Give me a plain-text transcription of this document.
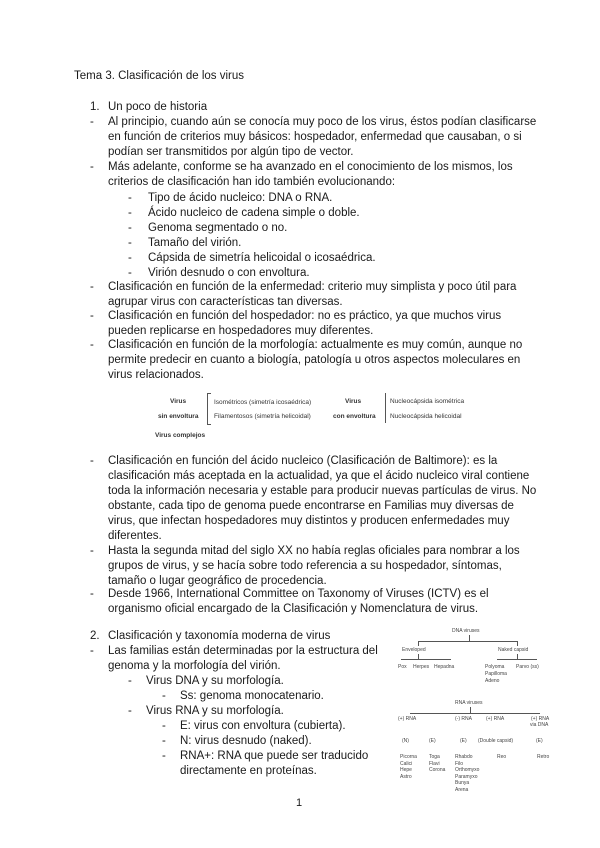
Tema 3. Clasificación de los virus
1. Un poco de historia
- Al principio, cuando aún se conocía muy poco de los virus, éstos podían clasificarse
en función de criterios muy básicos: hospedador, enfermedad que causaban, o si
podían ser transmitidos por algún tipo de vector.
- Más adelante, conforme se ha avanzado en el conocimiento de los mismos, los
criterios de clasificación han ido también evolucionando:
- Tipo de ácido nucleico: DNA o RNA.
- Ácido nucleico de cadena simple o doble.
- Genoma segmentado o no.
- Tamaño del virión.
- Cápsida de simetría helicoidal o icosaédrica.
- Virión desnudo o con envoltura.
- Clasificación en función de la enfermedad: criterio muy simplista y poco útil para
agrupar virus con características tan diversas.
- Clasificación en función del hospedador: no es práctico, ya que muchos virus
pueden replicarse en hospedadores muy diferentes.
- Clasificación en función de la morfología: actualmente es muy común, aunque no
permite predecir en cuanto a biología, patología u otros aspectos moleculares en
virus relacionados.
Virus
sin envoltura
Isométricos (simetría icosaédrica)
Filamentosos (simetría helicoidal)
Virus
con envoltura
Nucleocápsida isométrica
Nucleocápsida helicoidal
Virus complejos
- Clasificación en función del ácido nucleico (Clasificación de Baltimore): es la
clasificación más aceptada en la actualidad, ya que el ácido nucleico viral contiene
toda la información necesaria y estable para producir nuevas partículas de virus. No
obstante, cada tipo de genoma puede encontrarse en Familias muy diversas de
virus, que infectan hospedadores muy distintos y producen enfermedades muy
diferentes.
- Hasta la segunda mitad del siglo XX no había reglas oficiales para nombrar a los
grupos de virus, y se hacía sobre todo referencia a su hospedador, síntomas,
tamaño o lugar geográfico de procedencia.
- Desde 1966, International Committee on Taxonomy of Viruses (ICTV) es el
organismo oficial encargado de la Clasificación y Nomenclatura de virus.
2. Clasificación y taxonomía moderna de virus
- Las familias están determinadas por la estructura del
genoma y la morfología del virión.
- Virus DNA y su morfología.
- Ss: genoma monocatenario.
- Virus RNA y su morfología.
- E: virus con envoltura (cubierta).
- N: virus desnudo (naked).
- RNA+: RNA que puede ser traducido
directamente en proteínas.
DNA viruses
Enveloped	Naked capsid
Pox Herpes Hepadna	Polyoma
Papilloma
Adeno
Parvo (ss)
RNA viruses
(+) RNA	(-) RNA	(+) RNA	(+) RNA
via DNA
(N)	(E)	(E) (Double capsid)	(E)
Picorna
Calici
Hepe
Astro
Toga
Flavi
Corona
Rhabdo
Filo
Orthomyxo
Paramyxo
Bunya
Arena
Reo	Retro
1
